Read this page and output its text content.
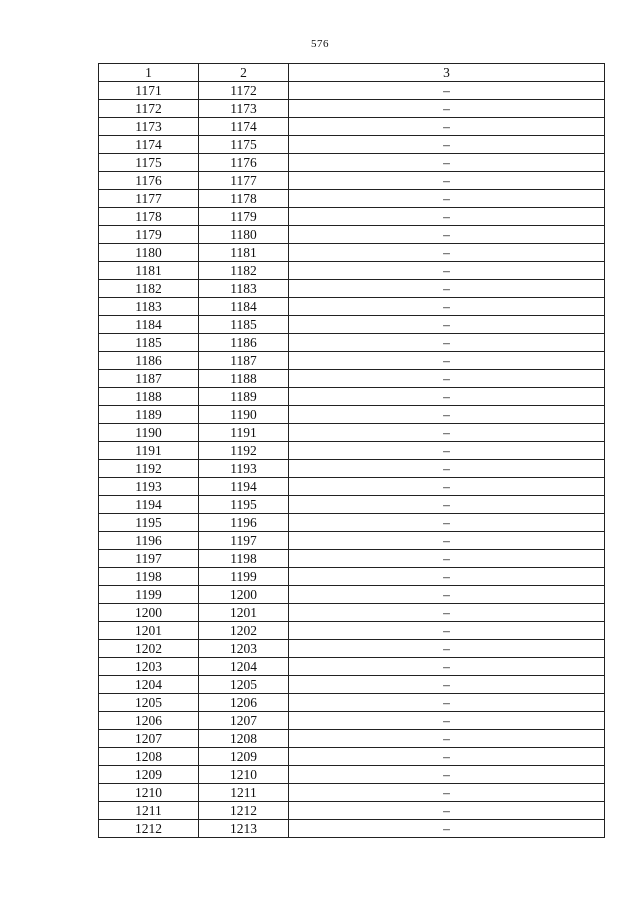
576
1	2	3
1171	1172	–
1172	1173	–
1173	1174	–
1174	1175	–
1175	1176	–
1176	1177	–
1177	1178	–
1178	1179	–
1179	1180	–
1180	1181	–
1181	1182	–
1182	1183	–
1183	1184	–
1184	1185	–
1185	1186	–
1186	1187	–
1187	1188	–
1188	1189	–
1189	1190	–
1190	1191	–
1191	1192	–
1192	1193	–
1193	1194	–
1194	1195	–
1195	1196	–
1196	1197	–
1197	1198	–
1198	1199	–
1199	1200	–
1200	1201	–
1201	1202	–
1202	1203	–
1203	1204	–
1204	1205	–
1205	1206	–
1206	1207	–
1207	1208	–
1208	1209	–
1209	1210	–
1210	1211	–
1211	1212	–
1212	1213	–
